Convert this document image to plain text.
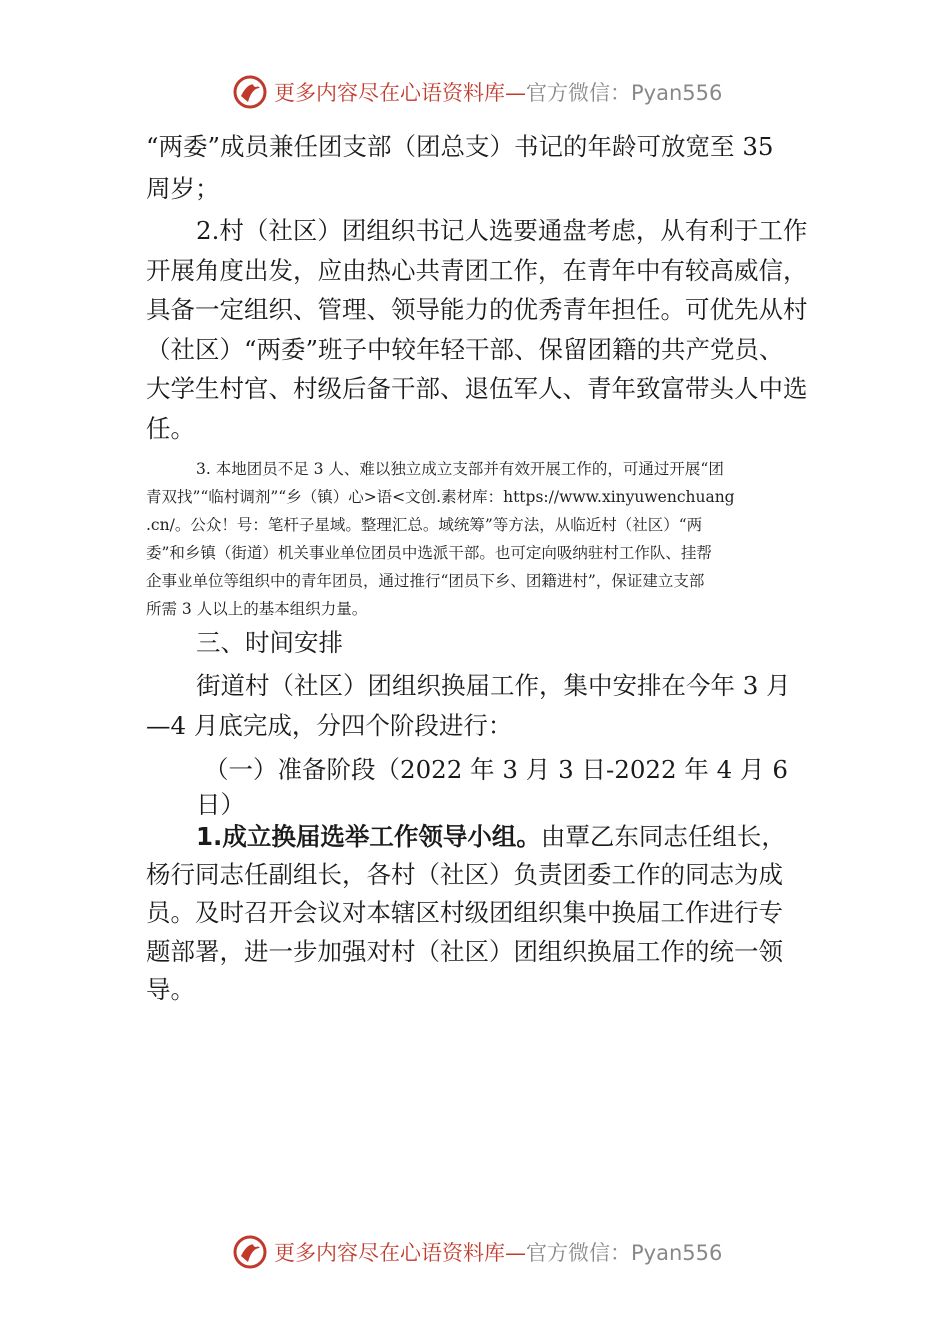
更多内容尽在心语资料库—官方微信：Pyan556
“两委”成员兼任团支部（团总支）书记的年龄可放宽至 35
周岁；
2.村（社区）团组织书记人选要通盘考虑，从有利于工作
开展角度出发，应由热心共青团工作，在青年中有较高威信，
具备一定组织、管理、领导能力的优秀青年担任。可优先从村
（社区）“两委”班子中较年轻干部、保留团籍的共产党员、
大学生村官、村级后备干部、退伍军人、青年致富带头人中选
任。
3. 本地团员不足 3 人、难以独立成立支部并有效开展工作的，可通过开展“团
青双找”“临村调剂”“乡（镇）心>语<文创.素材库：https://www.xinyuwenchuang
.cn/。公众！号：笔杆子星域。整理汇总。域统筹”等方法，从临近村（社区）“两
委”和乡镇（街道）机关事业单位团员中选派干部。也可定向吸纳驻村工作队、挂帮
企事业单位等组织中的青年团员，通过推行“团员下乡、团籍进村”，保证建立支部
所需 3 人以上的基本组织力量。
三、时间安排
街道村（社区）团组织换届工作，集中安排在今年 3 月
—4 月底完成，分四个阶段进行：
（一）准备阶段（2022 年 3 月 3 日-2022 年 4 月 6
日）
1.成立换届选举工作领导小组。由覃乙东同志任组长，
杨行同志任副组长，各村（社区）负责团委工作的同志为成
员。及时召开会议对本辖区村级团组织集中换届工作进行专
题部署，进一步加强对村（社区）团组织换届工作的统一领
导。
更多内容尽在心语资料库—官方微信：Pyan556
